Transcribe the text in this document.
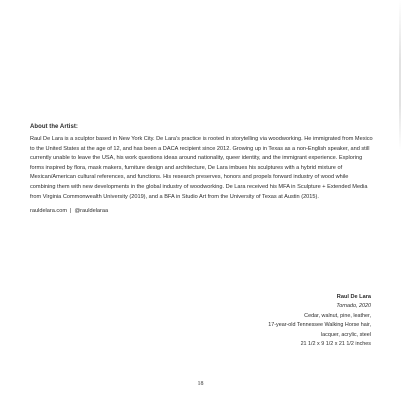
About the Artist:

Raul De Lara is a sculptor based in New York City. De Lara's practice is rooted in storytelling via woodworking. He immigrated from Mexico to the United States at the age of 12, and has been a DACA recipient since 2012. Growing up in Texas as a non-English speaker, and still currently unable to leave the USA, his work questions ideas around nationality, queer identity, and the immigrant experience. Exploring forms inspired by flora, mask makers, furniture design and architecture, De Lara imbues his sculptures with a hybrid mixture of Mexican/American cultural references, and functions. His research preserves, honors and propels forward industry of wood while combining them with new developments in the global industry of woodworking. De Lara received his MFA in Sculpture + Extended Media from Virginia Commonwealth University (2019), and a BFA in Studio Art from the University of Texas at Austin (2015).

rauldelara.com | @rauldelaraa
Raul De Lara
Tornado, 2020
Cedar, walnut, pine, leather,
17-year-old Tennessee Walking Horse hair,
lacquer, acrylic, steel
21 1/2 x 9 1/2 x 21 1/2 inches
18
